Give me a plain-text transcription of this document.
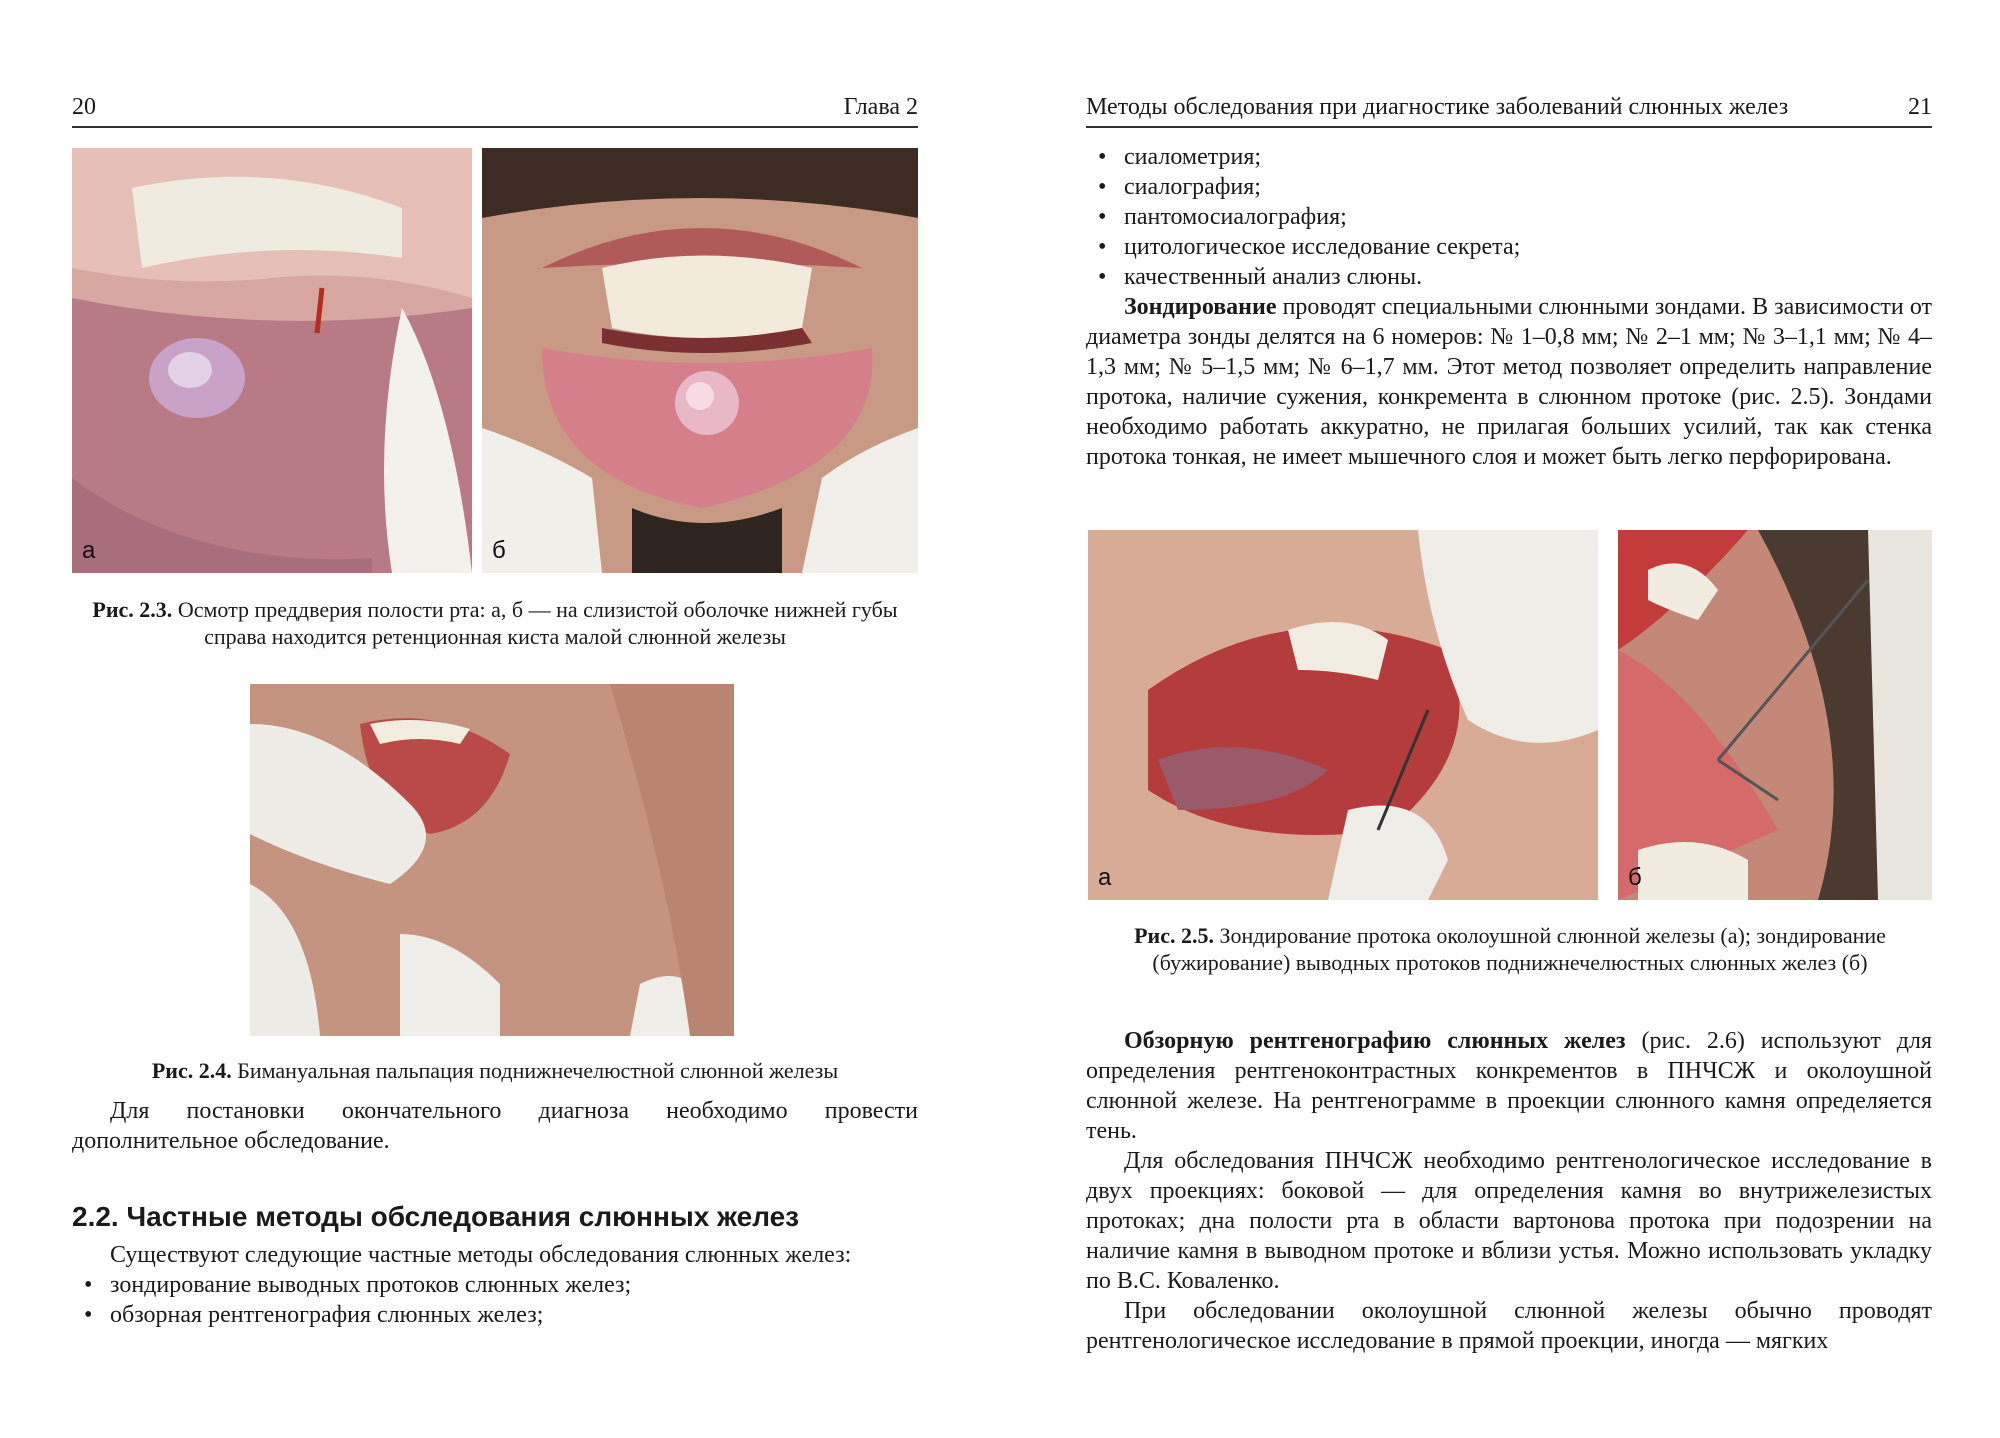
20	Глава 2
а	б
Рис. 2.3. Осмотр преддверия полости рта: а, б — на слизистой оболочке нижней губы справа находится ретенционная киста малой слюнной железы
Рис. 2.4. Бимануальная пальпация поднижнечелюстной слюнной железы

Для постановки окончательного диагноза необходимо провести дополнительное обследование.

2.2. Частные методы обследования слюнных желез

Существуют следующие частные методы обследования слюнных желез:

• зондирование выводных протоков слюнных желез;
• обзорная рентгенография слюнных желез;
Методы обследования при диагностике заболеваний слюнных желез	21
• сиалометрия;
• сиалография;
• пантомосиалография;
• цитологическое исследование секрета;
• качественный анализ слюны.

Зондирование проводят специальными слюнными зондами. В зависимости от диаметра зонды делятся на 6 номеров: № 1–0,8 мм; № 2–1 мм; № 3–1,1 мм; № 4–1,3 мм; № 5–1,5 мм; № 6–1,7 мм. Этот метод позволяет определить направление протока, наличие сужения, конкремента в слюнном протоке (рис. 2.5). Зондами необходимо работать аккуратно, не прилагая больших усилий, так как стенка протока тонкая, не имеет мышечного слоя и может быть легко перфорирована.

а	б
Рис. 2.5. Зондирование протока околоушной слюнной железы (а); зондирование (бужирование) выводных протоков поднижнечелюстных слюнных желез (б)

Обзорную рентгенографию слюнных желез (рис. 2.6) используют для определения рентгеноконтрастных конкрементов в ПНЧСЖ и околоушной слюнной железе. На рентгенограмме в проекции слюнного камня определяется тень.

Для обследования ПНЧСЖ необходимо рентгенологическое исследование в двух проекциях: боковой — для определения камня во внутрижелезистых протоках; дна полости рта в области вартонова протока при подозрении на наличие камня в выводном протоке и вблизи устья. Можно использовать укладку по В.С. Коваленко.

При обследовании околоушной слюнной железы обычно проводят рентгенологическое исследование в прямой проекции, иногда — мягких
